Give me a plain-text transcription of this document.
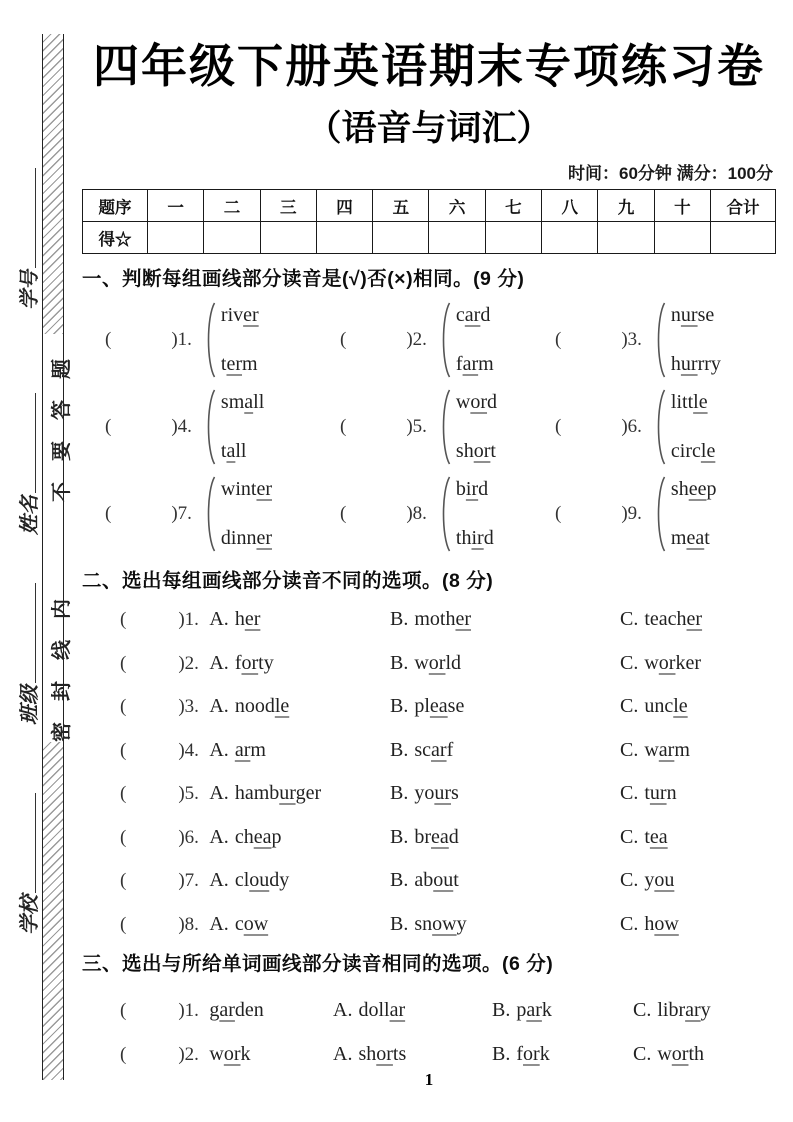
不要答题
密封线内
学号
姓名
班级
学校
四年级下册英语期末专项练习卷
（语音与词汇）
时间：60分钟 满分：100分
题序	一	二	三	四	五	六	七	八	九	十	合计
得☆											
一、判断每组画线部分读音是(√)否(×)相同。(9 分)
(	)1.
river
term
(	)2.
card
farm
(	)3.
nurse
hurrry
(	)4.
small
tall
(	)5.
word
short
(	)6.
little
circle
(	)7.
winter
dinner
(	)8.
bird
third
(	)9.
sheep
meat
二、选出每组画线部分读音不同的选项。(8 分)
(	)1. A. her	B. mother	C. teacher
(	)2. A. forty	B. world	C. worker
(	)3. A. noodle	B. please	C. uncle
(	)4. A. arm	B. scarf	C. warm
(	)5. A. hamburger	B. yours	C. turn
(	)6. A. cheap	B. bread	C. tea
(	)7. A. cloudy	B. about	C. you
(	)8. A. cow	B. snowy	C. how
三、选出与所给单词画线部分读音相同的选项。(6 分)
(	)1. garden	A. dollar	B. park	C. library
(	)2. work	A. shorts	B. fork	C. worth
1
